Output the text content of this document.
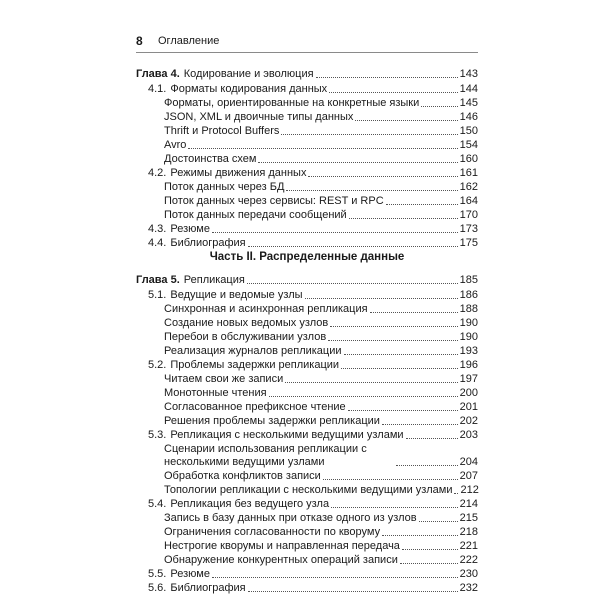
8 Оглавление
Часть II. Распределенные данные
Глава 4. Кодирование и эволюция	143
4.1. Форматы кодирования данных	144
Форматы, ориентированные на конкретные языки	145
JSON, XML и двоичные типы данных	146
Thrift и Protocol Buffers	150
Avro	154
Достоинства схем	160
4.2. Режимы движения данных	161
Поток данных через БД	162
Поток данных через сервисы: REST и RPC	164
Поток данных передачи сообщений	170
4.3. Резюме	173
4.4. Библиография	175
Глава 5. Репликация	185
5.1. Ведущие и ведомые узлы	186
Синхронная и асинхронная репликация	188
Создание новых ведомых узлов	190
Перебои в обслуживании узлов	190
Реализация журналов репликации	193
5.2. Проблемы задержки репликации	196
Читаем свои же записи	197
Монотонные чтения	200
Согласованное префиксное чтение	201
Решения проблемы задержки репликации	202
5.3. Репликация с несколькими ведущими узлами	203
Сценарии использования репликации с несколькими ведущими узлами	204
Обработка конфликтов записи	207
Топологии репликации с несколькими ведущими узлами 212
5.4. Репликация без ведущего узла	214
Запись в базу данных при отказе одного из узлов	215
Ограничения согласованности по кворуму	218
Нестрогие кворумы и направленная передача	221
Обнаружение конкурентных операций записи	222
5.5. Резюме	230
5.6. Библиография	232
